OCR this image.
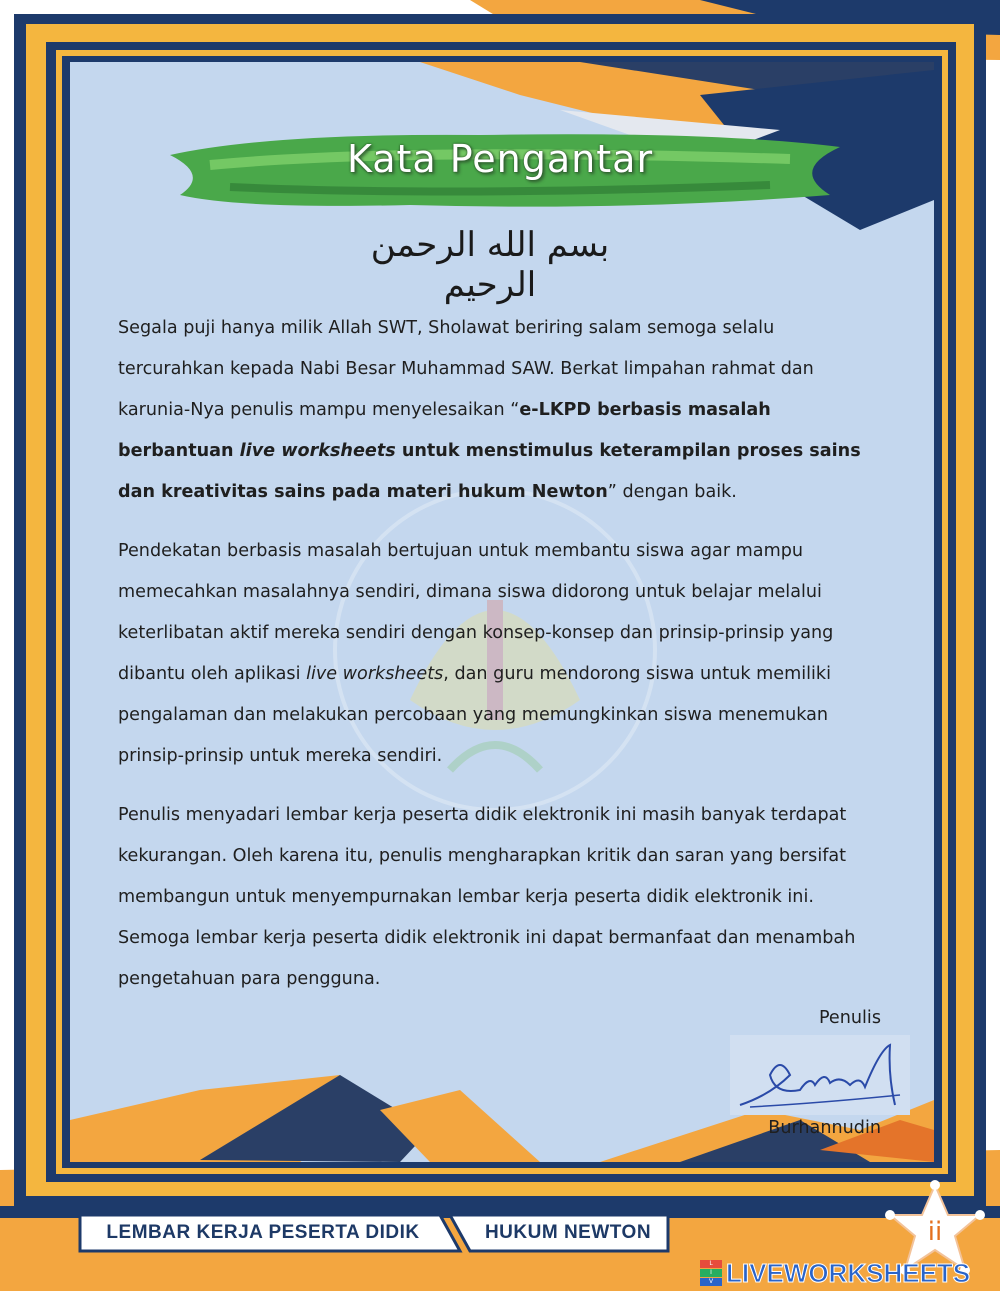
Kata Pengantar
بسم الله الرحمن الرحيم

Segala puji hanya milik Allah SWT, Sholawat beriring salam semoga selalu tercurahkan kepada Nabi Besar Muhammad SAW. Berkat limpahan rahmat dan karunia-Nya penulis mampu menyelesaikan “e-LKPD berbasis masalah berbantuan live worksheets untuk menstimulus keterampilan proses sains dan kreativitas sains pada materi hukum Newton” dengan baik.

Pendekatan berbasis masalah bertujuan untuk membantu siswa agar mampu memecahkan masalahnya sendiri, dimana siswa didorong untuk belajar melalui keterlibatan aktif mereka sendiri dengan konsep-konsep dan prinsip-prinsip yang dibantu oleh aplikasi live worksheets, dan guru mendorong siswa untuk memiliki pengalaman dan melakukan percobaan yang memungkinkan siswa menemukan prinsip-prinsip untuk mereka sendiri.

Penulis menyadari lembar kerja peserta didik elektronik ini masih banyak terdapat kekurangan. Oleh karena itu, penulis mengharapkan kritik dan saran yang bersifat membangun untuk menyempurnakan lembar kerja peserta didik elektronik ini. Semoga lembar kerja peserta didik elektronik ini dapat bermanfaat dan menambah pengetahuan para pengguna.

Penulis
Burhannudin
LEMBAR KERJA PESERTA DIDIK	HUKUM NEWTON	ii
L
I
V LIVEWORKSHEETS
